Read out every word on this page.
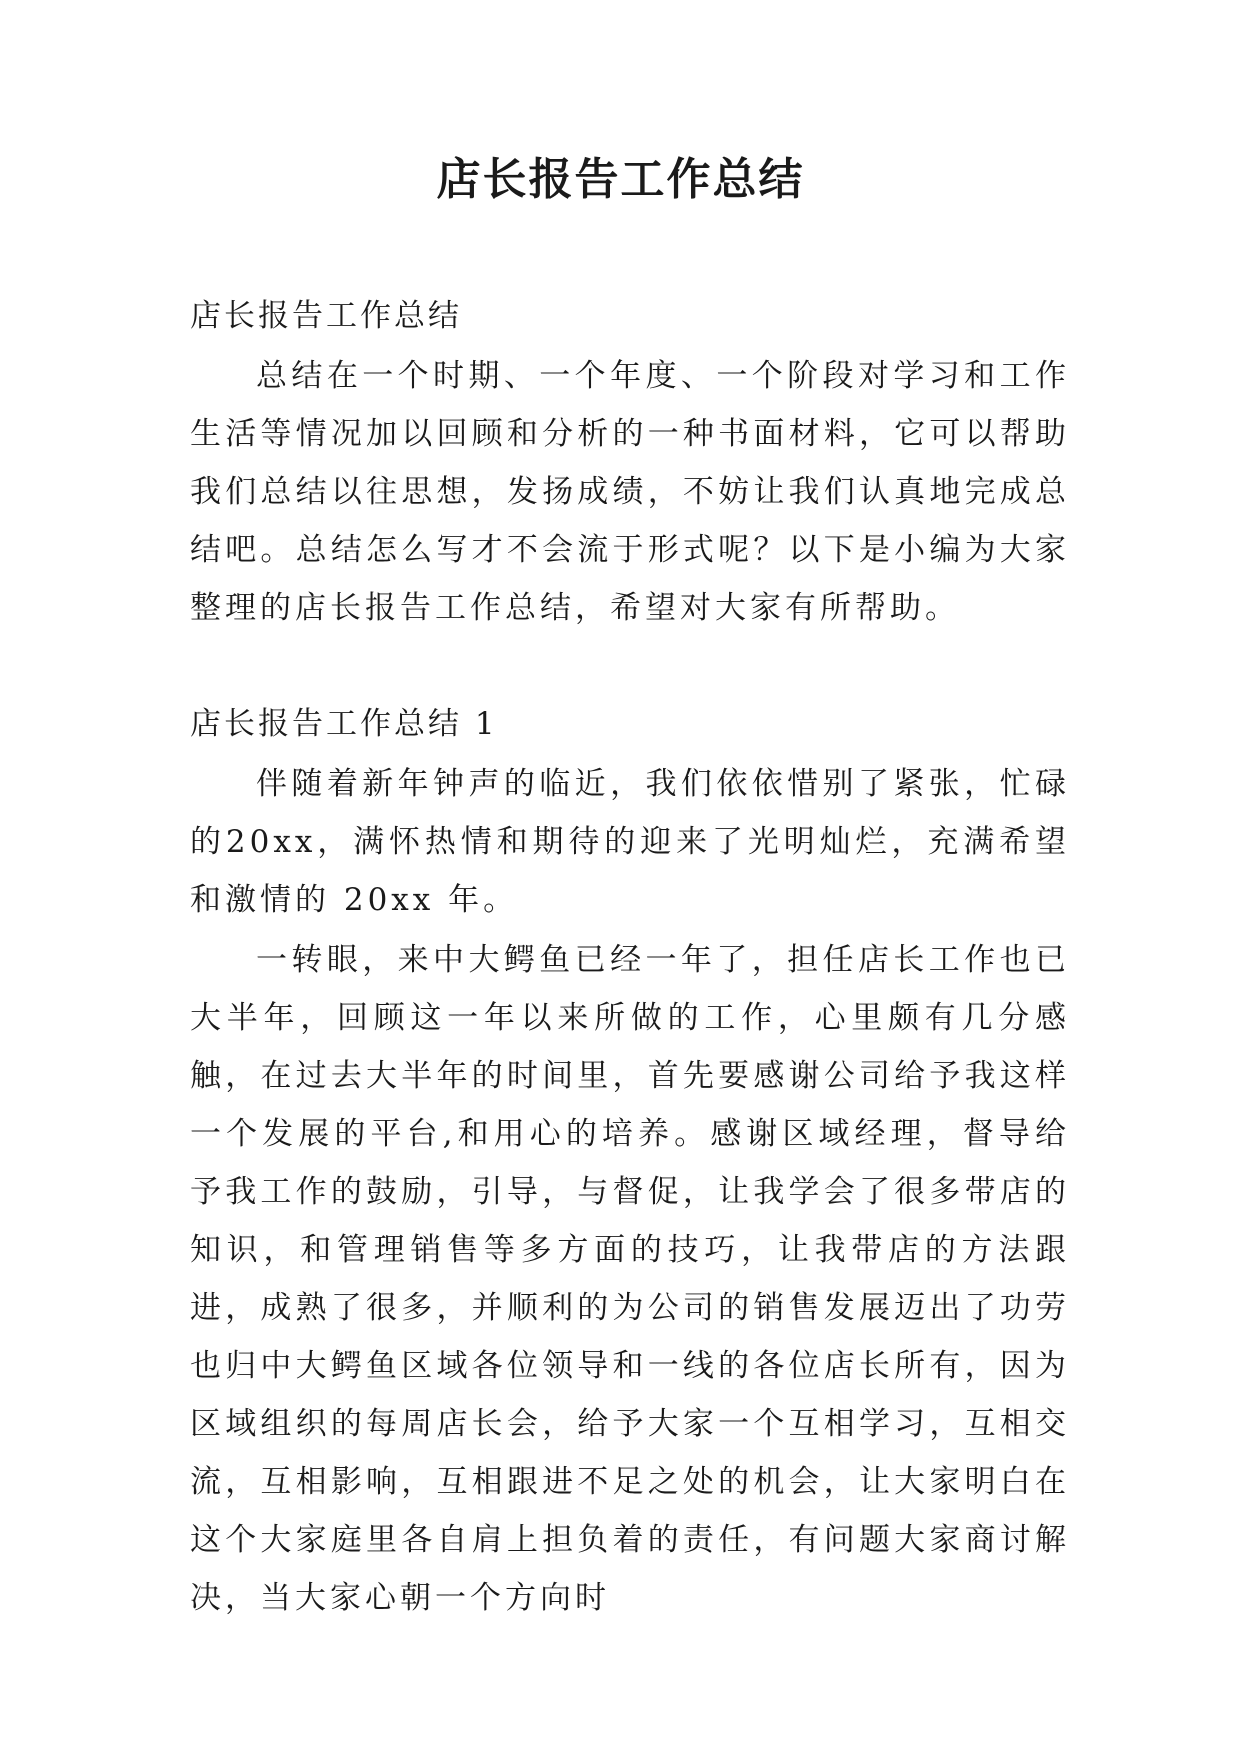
店长报告工作总结

店长报告工作总结

总结在一个时期、一个年度、一个阶段对学习和工作生活等情况加以回顾和分析的一种书面材料，它可以帮助我们总结以往思想，发扬成绩，不妨让我们认真地完成总结吧。总结怎么写才不会流于形式呢？以下是小编为大家整理的店长报告工作总结，希望对大家有所帮助。

店长报告工作总结 1

伴随着新年钟声的临近，我们依依惜别了紧张，忙碌的20xx，满怀热情和期待的迎来了光明灿烂，充满希望和激情的 20xx 年。

一转眼，来中大鳄鱼已经一年了，担任店长工作也已大半年，回顾这一年以来所做的工作，心里颇有几分感触，在过去大半年的时间里，首先要感谢公司给予我这样一个发展的平台,和用心的培养。感谢区域经理，督导给予我工作的鼓励，引导，与督促，让我学会了很多带店的知识，和管理销售等多方面的技巧，让我带店的方法跟进，成熟了很多，并顺利的为公司的销售发展迈出了功劳也归中大鳄鱼区域各位领导和一线的各位店长所有，因为区域组织的每周店长会，给予大家一个互相学习，互相交流，互相影响，互相跟进不足之处的机会，让大家明白在这个大家庭里各自肩上担负着的责任，有问题大家商讨解决，当大家心朝一个方向时
